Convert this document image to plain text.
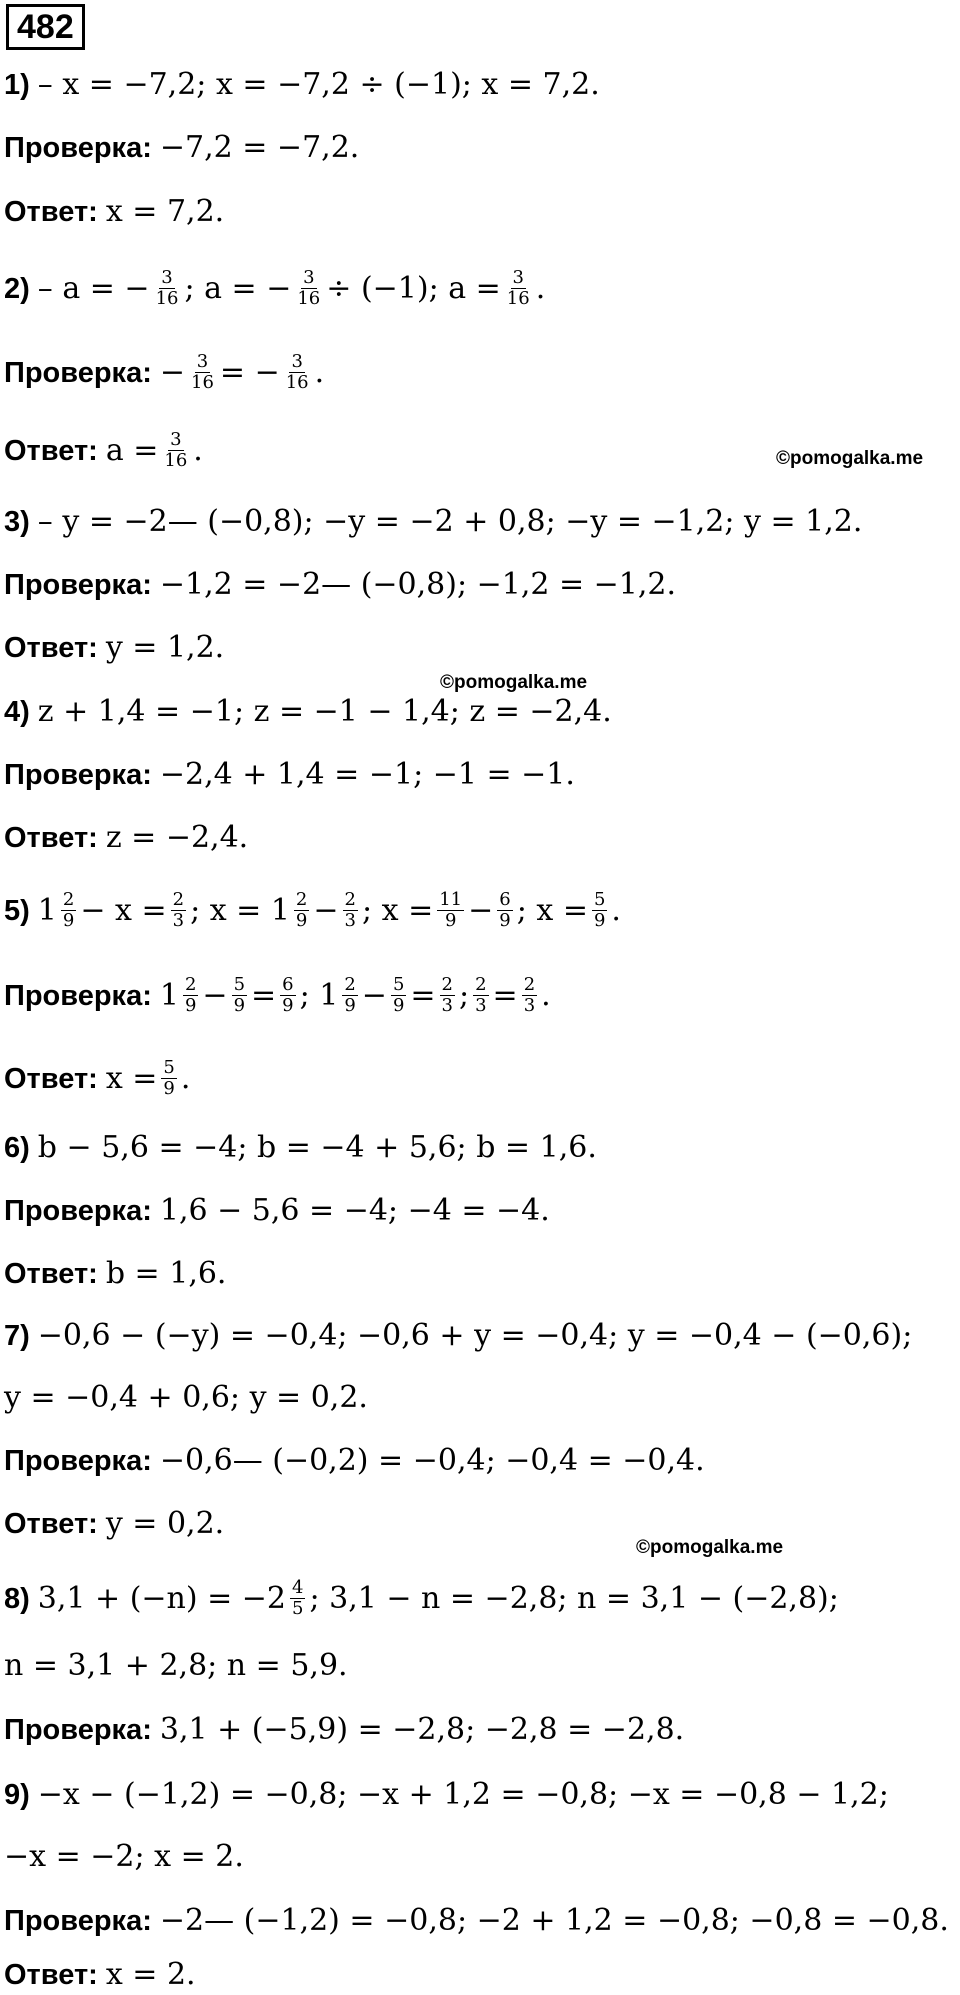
482
1) – x = −7,2; x = −7,2 ÷ (−1); x = 7,2.
Проверка: −7,2 = −7,2.
Ответ: x = 7,2.
2) – a = − $\frac{3}{16}$ ; a = − $\frac{3}{16} \div (-1)$; $a = \frac{3}{16}$ .
Проверка: − $\frac{3}{16}$ = − $\frac{3}{16}$ .
Ответ: $a = \frac{3}{16}$ .	©pomogalka.me
3) – y = −2— (−0,8); −y = −2 + 0,8; −y = −1,2; y = 1,2.
Проверка: −1,2 = −2— (−0,8); −1,2 = −1,2.
Ответ: y = 1,2.
©pomogalka.me
4) z + 1,4 = −1; z = −1 − 1,4; z = −2,4.
Проверка: −2,4 + 1,4 = −1; −1 = −1.
Ответ: z = −2,4.
5) $1 \frac{2}{9} - x = \frac{2}{3}$ ; $x = 1 \frac{2}{9} - \frac{2}{3}$ ; $x = \frac{11}{9} - \frac{6}{9}$ ; $x = \frac{5}{9}$ .
Проверка: $1 \frac{2}{9} - \frac{5}{9} = \frac{6}{9}$ ; $1 \frac{2}{9} - \frac{5}{9} = \frac{2}{3}$ ; $\frac{2}{3} = \frac{2}{3}$ .
Ответ: $x = \frac{5}{9}$ .
6) b − 5,6 = −4; b = −4 + 5,6; b = 1,6.
Проверка: 1,6 − 5,6 = −4; −4 = −4.
Ответ: b = 1,6.
7) −0,6 − (−y) = −0,4; −0,6 + y = −0,4; y = −0,4 − (−0,6);
y = −0,4 + 0,6; y = 0,2.
Проверка: −0,6— (−0,2) = −0,4; −0,4 = −0,4.
Ответ: y = 0,2.
©pomogalka.me
8) $3,1 + (-n) = -2 \frac{4}{5}$ ; 3,1 − n = −2,8; n = 3,1 − (−2,8);
n = 3,1 + 2,8; n = 5,9.
Проверка: 3,1 + (−5,9) = −2,8; −2,8 = −2,8.
9) −x − (−1,2) = −0,8; −x + 1,2 = −0,8; −x = −0,8 − 1,2;
−x = −2; x = 2.
Проверка: −2— (−1,2) = −0,8; −2 + 1,2 = −0,8; −0,8 = −0,8.
Ответ: x = 2.
